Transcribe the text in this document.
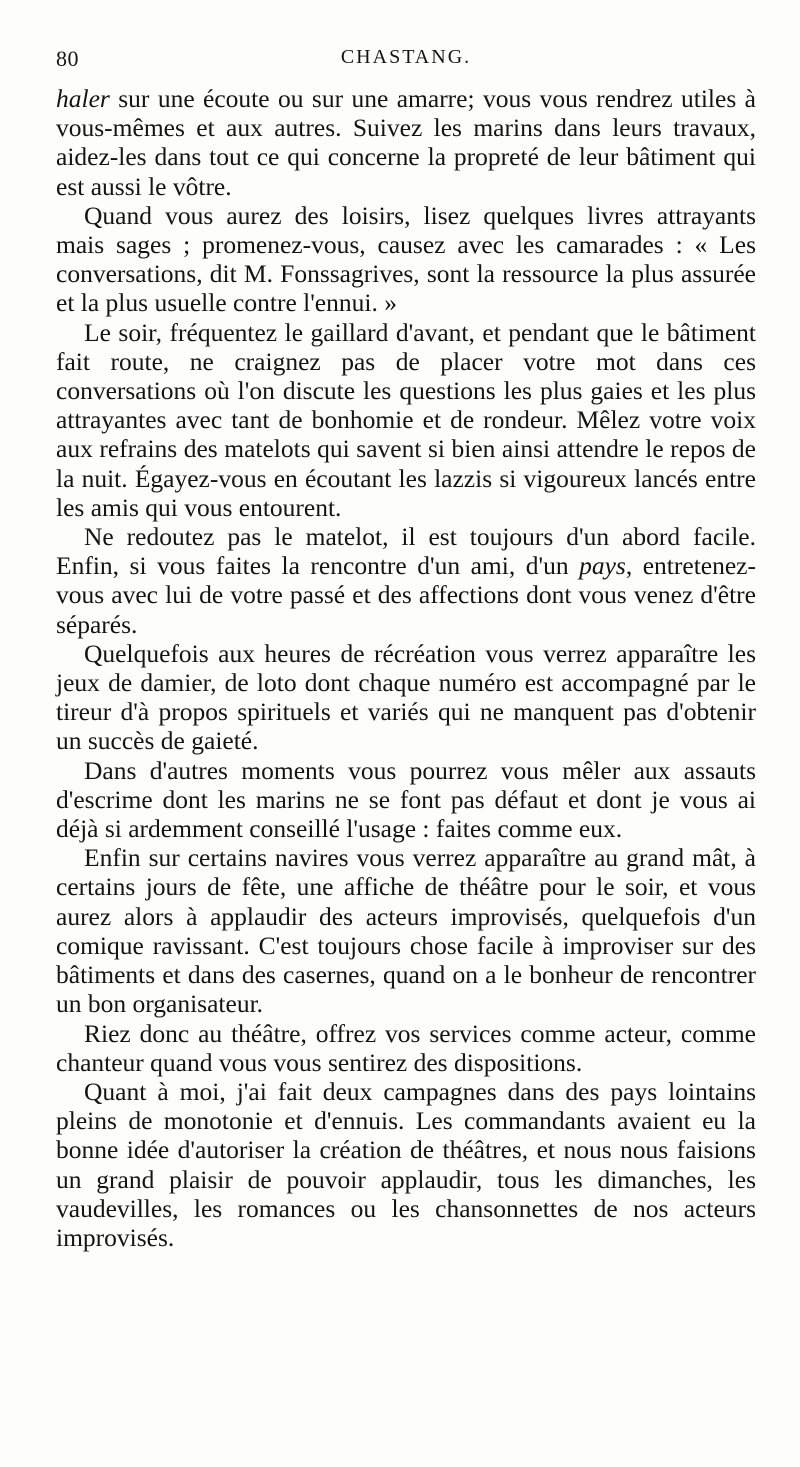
80	CHASTANG.

haler sur une écoute ou sur une amarre; vous vous rendrez utiles à vous-mêmes et aux autres. Suivez les marins dans leurs travaux, aidez-les dans tout ce qui concerne la propreté de leur bâtiment qui est aussi le vôtre.

Quand vous aurez des loisirs, lisez quelques livres attrayants mais sages ; promenez-vous, causez avec les camarades : « Les conversations, dit M. Fonssagrives, sont la ressource la plus assurée et la plus usuelle contre l'ennui. »

Le soir, fréquentez le gaillard d'avant, et pendant que le bâtiment fait route, ne craignez pas de placer votre mot dans ces conversations où l'on discute les questions les plus gaies et les plus attrayantes avec tant de bonhomie et de rondeur. Mêlez votre voix aux refrains des matelots qui savent si bien ainsi attendre le repos de la nuit. Égayez-vous en écoutant les lazzis si vigoureux lancés entre les amis qui vous entourent.

Ne redoutez pas le matelot, il est toujours d'un abord facile. Enfin, si vous faites la rencontre d'un ami, d'un pays, entretenez-vous avec lui de votre passé et des affections dont vous venez d'être séparés.

Quelquefois aux heures de récréation vous verrez apparaître les jeux de damier, de loto dont chaque numéro est accompagné par le tireur d'à propos spirituels et variés qui ne manquent pas d'obtenir un succès de gaieté.

Dans d'autres moments vous pourrez vous mêler aux assauts d'escrime dont les marins ne se font pas défaut et dont je vous ai déjà si ardemment conseillé l'usage : faites comme eux.

Enfin sur certains navires vous verrez apparaître au grand mât, à certains jours de fête, une affiche de théâtre pour le soir, et vous aurez alors à applaudir des acteurs improvisés, quelquefois d'un comique ravissant. C'est toujours chose facile à improviser sur des bâtiments et dans des casernes, quand on a le bonheur de rencontrer un bon organisateur.

Riez donc au théâtre, offrez vos services comme acteur, comme chanteur quand vous vous sentirez des dispositions.

Quant à moi, j'ai fait deux campagnes dans des pays lointains pleins de monotonie et d'ennuis. Les commandants avaient eu la bonne idée d'autoriser la création de théâtres, et nous nous faisions un grand plaisir de pouvoir applaudir, tous les dimanches, les vaudevilles, les romances ou les chansonnettes de nos acteurs improvisés.
